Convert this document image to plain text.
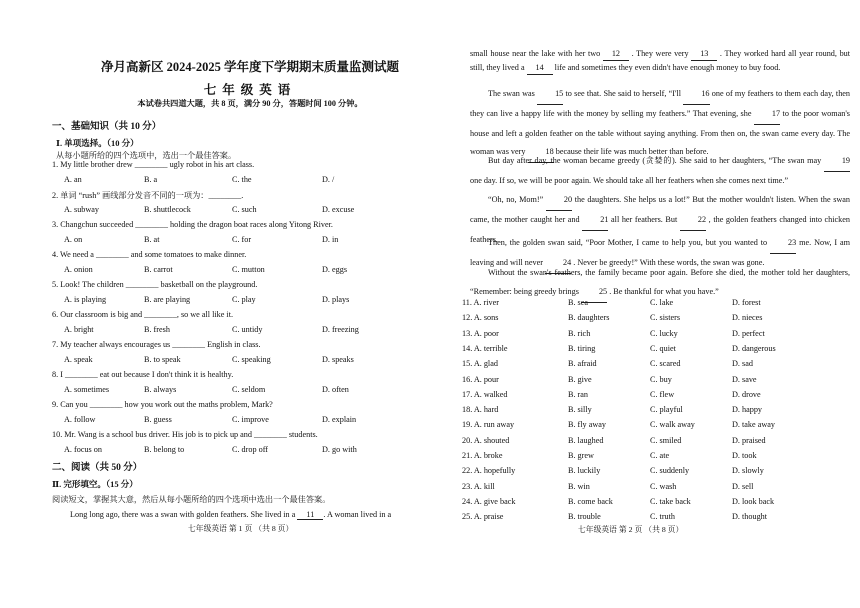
净月高新区 2024-2025 学年度下学期期末质量监测试题
七年级英语
本试卷共四道大题，共 8 页，满分 90 分，答题时间 100 分钟。
一、基础知识（共 10 分）
Ⅰ. 单项选择。（10 分）
从每小题所给的四个选项中，选出一个最佳答案。
1. My little brother drew ________ ugly robot in his art class.
A. an	B. a	C. the	D. /
2. 单词 “rush” 画线部分发音不同的一项为：________.
A. subway	B. shuttlecock	C. such	D. excuse
3. Changchun succeeded ________ holding the dragon boat races along Yitong River.
A. on	B. at	C. for	D. in
4. We need a ________ and some tomatoes to make dinner.
A. onion	B. carrot	C. mutton	D. eggs
5. Look! The children ________ basketball on the playground.
A. is playing	B. are playing	C. play	D. plays
6. Our classroom is big and ________, so we all like it.
A. bright	B. fresh	C. untidy	D. freezing
7. My teacher always encourages us ________ English in class.
A. speak	B. to speak	C. speaking	D. speaks
8. I ________ eat out because I don't think it is healthy.
A. sometimes	B. always	C. seldom	D. often
9. Can you ________ how you work out the maths problem, Mark?
A. follow	B. guess	C. improve	D. explain
10. Mr. Wang is a school bus driver. His job is to pick up and ________ students.
A. focus on	B. belong to	C. drop off	D. go with
二、阅读（共 50 分）
Ⅱ. 完形填空。（15 分）
阅读短文，掌握其大意，然后从每小题所给的四个选项中选出一个最佳答案。
Long long ago, there was a swan with golden feathers. She lived in a 11 . A woman lived in a
七年级英语 第 1 页 （共 8 页）
small house near the lake with her two 12 . They were very 13 . They worked hard all year round, but still, they lived a 14 life and sometimes they even didn't have enough money to buy food.
The swan was 15 to see that. She said to herself, “I'll 16 one of my feathers to them each day, then they can live a happy life with the money by selling my feathers.” That evening, she 17 to the poor woman's house and left a golden feather on the table without saying anything. From then on, the swan came every day. The woman was very 18 because their life was much better than before.
But day after day, the woman became greedy (贪婪的). She said to her daughters, “The swan may	19 one day. If so, we will be poor again. We should take all her feathers when she comes next time.”
“Oh, no, Mom!”	20 the daughters. She helps us a lot!” But the mother wouldn't listen. When the swan came, the mother caught her and	21 all her feathers. But	22 , the golden feathers changed into chicken feathers.
Then, the golden swan said, “Poor Mother, I came to help you, but you wanted to	23 me. Now, I am leaving and will never 24 . Never be greedy!” With these words, the swan was gone.
Without the swan's feathers, the family became poor again. Before she died, the mother told her daughters, “Remember: being greedy brings 25 . Be thankful for what you have.”
11. A. river	B. sea	C. lake	D. forest
12. A. sons	B. daughters	C. sisters	D. nieces
13. A. poor	B. rich	C. lucky	D. perfect
14. A. terrible	B. tiring	C. quiet	D. dangerous
15. A. glad	B. afraid	C. scared	D. sad
16. A. pour	B. give	C. buy	D. save
17. A. walked	B. ran	C. flew	D. drove
18. A. hard	B. silly	C. playful	D. happy
19. A. run away	B. fly away	C. walk away	D. take away
20. A. shouted	B. laughed	C. smiled	D. praised
21. A. broke	B. grew	C. ate	D. took
22. A. hopefully	B. luckily	C. suddenly	D. slowly
23. A. kill	B. win	C. wash	D. sell
24. A. give back	B. come back	C. take back	D. look back
25. A. praise	B. trouble	C. truth	D. thought
七年级英语 第 2 页 （共 8 页）
